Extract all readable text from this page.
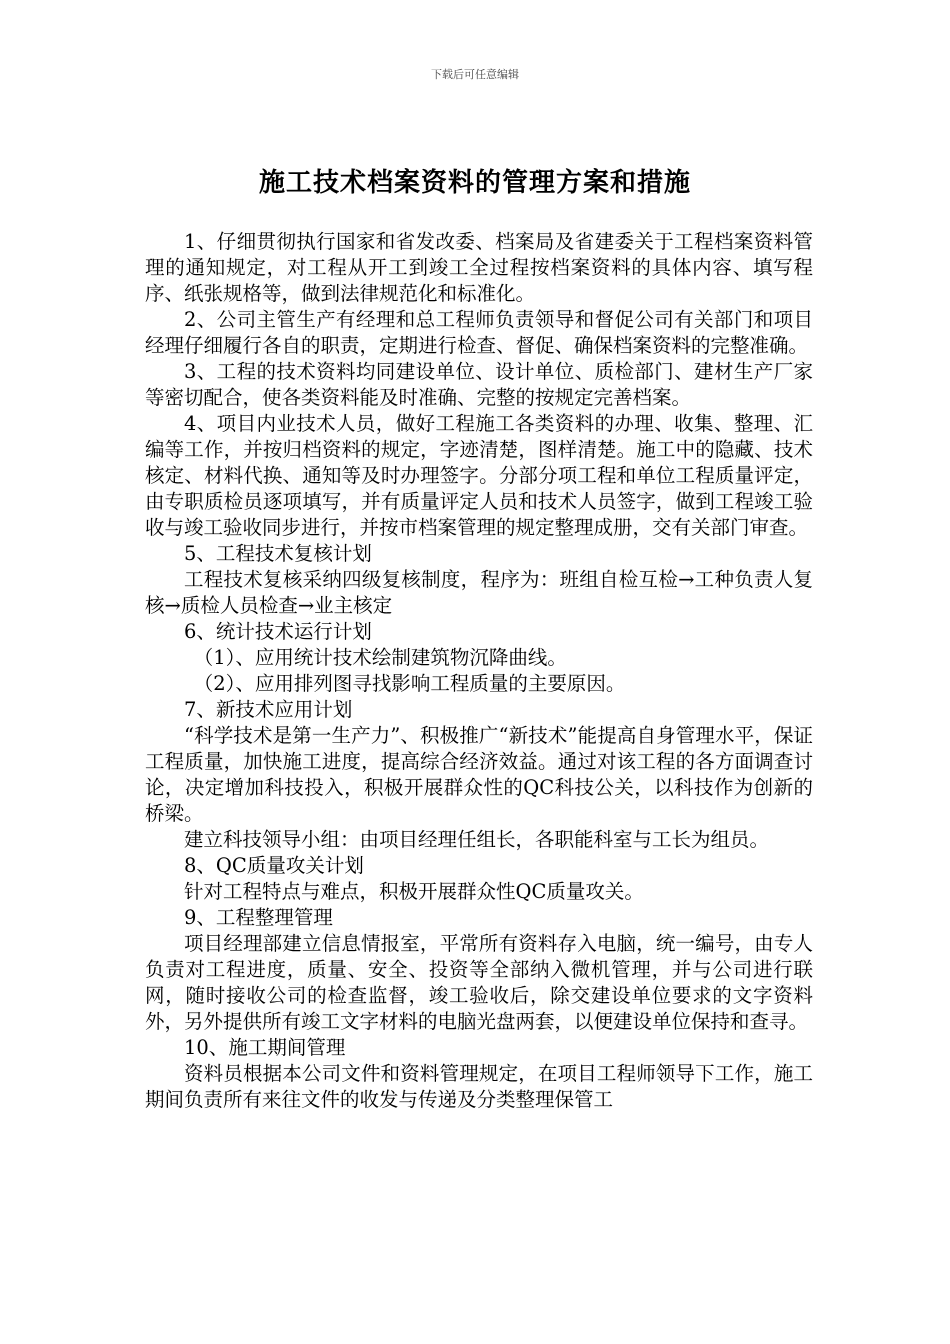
下载后可任意编辑
施工技术档案资料的管理方案和措施

1、仔细贯彻执行国家和省发改委、档案局及省建委关于工程档案资料管理的通知规定，对工程从开工到竣工全过程按档案资料的具体内容、填写程序、纸张规格等，做到法律规范化和标准化。

2、公司主管生产有经理和总工程师负责领导和督促公司有关部门和项目经理仔细履行各自的职责，定期进行检查、督促、确保档案资料的完整准确。

3、工程的技术资料均同建设单位、设计单位、质检部门、建材生产厂家等密切配合，使各类资料能及时准确、完整的按规定完善档案。

4、项目内业技术人员，做好工程施工各类资料的办理、收集、整理、汇编等工作，并按归档资料的规定，字迹清楚，图样清楚。施工中的隐藏、技术核定、材料代换、通知等及时办理签字。分部分项工程和单位工程质量评定，由专职质检员逐项填写，并有质量评定人员和技术人员签字，做到工程竣工验收与竣工验收同步进行，并按市档案管理的规定整理成册，交有关部门审查。

5、工程技术复核计划

工程技术复核采纳四级复核制度，程序为：班组自检互检→工种负责人复核→质检人员检查→业主核定

6、统计技术运行计划

（1）、应用统计技术绘制建筑物沉降曲线。

（2）、应用排列图寻找影响工程质量的主要原因。

7、新技术应用计划

“科学技术是第一生产力”、积极推广“新技术”能提高自身管理水平，保证工程质量，加快施工进度，提高综合经济效益。通过对该工程的各方面调查讨论，决定增加科技投入，积极开展群众性的QC科技公关，以科技作为创新的桥梁。

建立科技领导小组：由项目经理任组长，各职能科室与工长为组员。

8、QC质量攻关计划

针对工程特点与难点，积极开展群众性QC质量攻关。

9、工程整理管理

项目经理部建立信息情报室，平常所有资料存入电脑，统一编号，由专人负责对工程进度，质量、安全、投资等全部纳入微机管理，并与公司进行联网，随时接收公司的检查监督，竣工验收后，除交建设单位要求的文字资料外，另外提供所有竣工文字材料的电脑光盘两套，以便建设单位保持和查寻。

10、施工期间管理

资料员根据本公司文件和资料管理规定，在项目工程师领导下工作，施工期间负责所有来往文件的收发与传递及分类整理保管工
